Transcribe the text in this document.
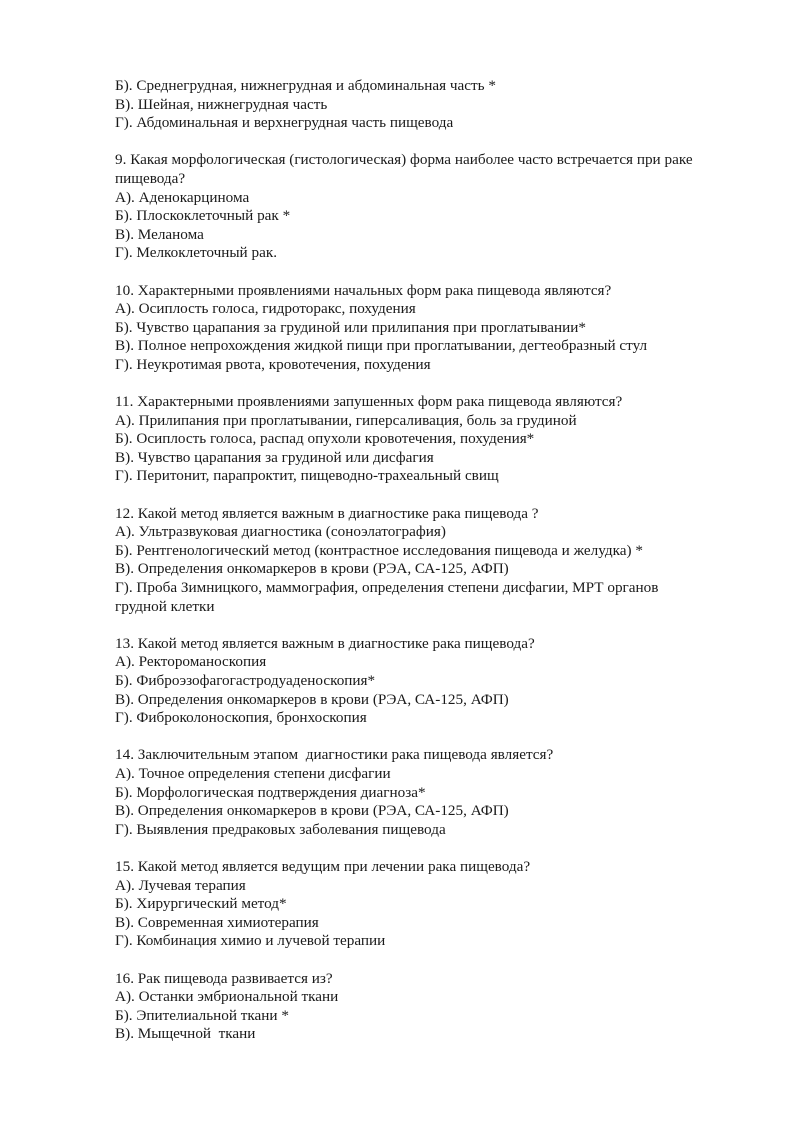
Б). Среднегрудная, нижнегрудная и абдоминальная часть *
В). Шейная, нижнегрудная часть
Г). Абдоминальная и верхнегрудная часть пищевода
9. Какая морфологическая (гистологическая) форма наиболее часто встречается при раке
пищевода?
А). Аденокарцинома
Б). Плоскоклеточный рак *
В). Меланома
Г). Мелкоклеточный рак.
10. Характерными проявлениями начальных форм рака пищевода являются?
А). Осиплость голоса, гидроторакс, похудения
Б). Чувство царапания за грудиной или прилипания при проглатывании*
В). Полное непрохождения жидкой пищи при проглатывании, дегтеобразный стул
Г). Неукротимая рвота, кровотечения, похудения
11. Характерными проявлениями запушенных форм рака пищевода являются?
А). Прилипания при проглатывании, гиперсаливация, боль за грудиной
Б). Осиплость голоса, распад опухоли кровотечения, похудения*
В). Чувство царапания за грудиной или дисфагия
Г). Перитонит, парапроктит, пищеводно-трахеальный свищ
12. Какой метод является важным в диагностике рака пищевода ?
А). Ультразвуковая диагностика (соноэлатография)
Б). Рентгенологический метод (контрастное исследования пищевода и желудка) *
В). Определения онкомаркеров в крови (РЭА, СА-125, АФП)
Г). Проба Зимницкого, маммография, определения степени дисфагии, МРТ органов
грудной клетки
13. Какой метод является важным в диагностике рака пищевода?
А). Ректороманоскопия
Б). Фиброэзофагогастродуаденоскопия*
В). Определения онкомаркеров в крови (РЭА, СА-125, АФП)
Г). Фиброколоноскопия, бронхоскопия
14. Заключительным этапом  диагностики рака пищевода является?
А). Точное определения степени дисфагии
Б). Морфологическая подтверждения диагноза*
В). Определения онкомаркеров в крови (РЭА, СА-125, АФП)
Г). Выявления предраковых заболевания пищевода
15. Какой метод является ведущим при лечении рака пищевода?
А). Лучевая терапия
Б). Хирургический метод*
В). Современная химиотерапия
Г). Комбинация химио и лучевой терапии
16. Рак пищевода развивается из?
А). Останки эмбриональной ткани
Б). Эпителиальной ткани *
В). Мыщечной  ткани
